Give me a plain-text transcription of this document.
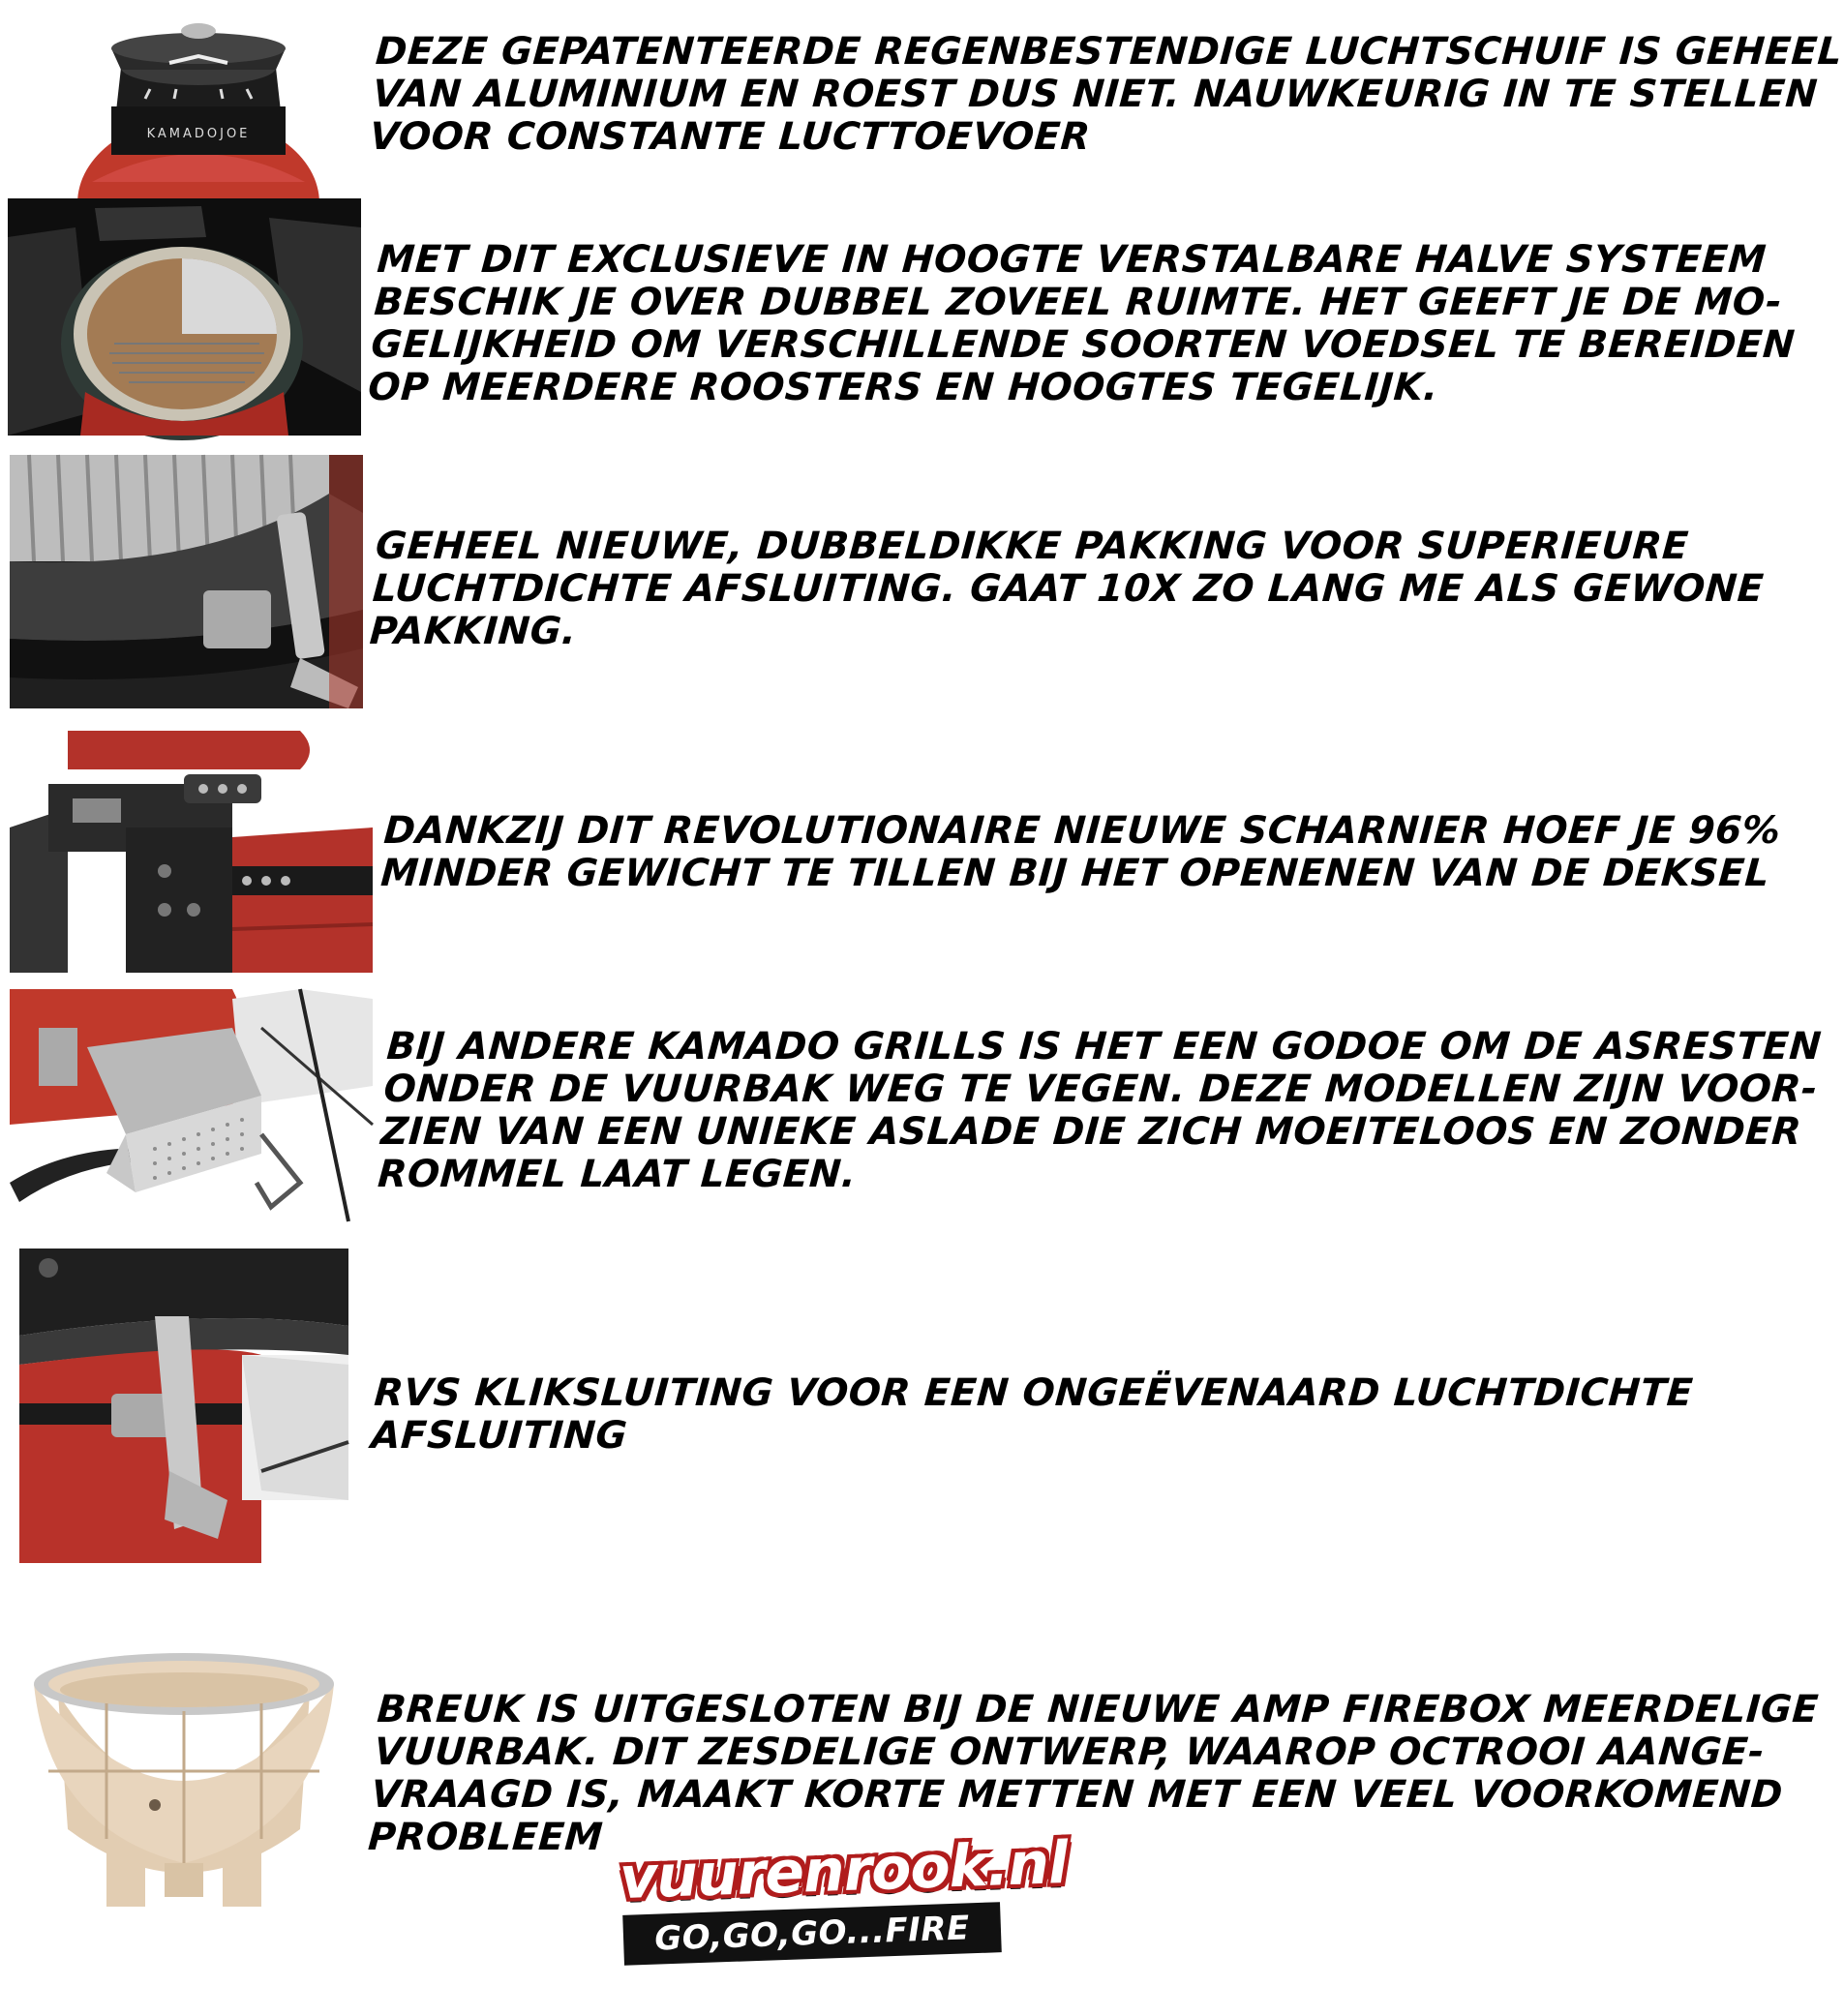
KAMADOJOE
DEZE GEPATENTEERDE REGENBESTENDIGE LUCHTSCHUIF IS GEHEEL
VAN ALUMINIUM EN ROEST DUS NIET. NAUWKEURIG IN TE STELLEN
VOOR CONSTANTE LUCTTOEVOER
MET DIT EXCLUSIEVE IN HOOGTE VERSTALBARE HALVE SYSTEEM
BESCHIK JE OVER DUBBEL ZOVEEL RUIMTE. HET GEEFT JE DE MO-
GELIJKHEID OM VERSCHILLENDE SOORTEN VOEDSEL TE BEREIDEN
OP MEERDERE ROOSTERS EN HOOGTES TEGELIJK.
GEHEEL NIEUWE, DUBBELDIKKE PAKKING VOOR SUPERIEURE
LUCHTDICHTE AFSLUITING. GAAT 10X ZO LANG ME ALS GEWONE
PAKKING.
DANKZIJ DIT REVOLUTIONAIRE NIEUWE SCHARNIER HOEF JE 96%
MINDER GEWICHT TE TILLEN BIJ HET OPENENEN VAN DE DEKSEL
BIJ ANDERE KAMADO GRILLS IS HET EEN GODOE OM DE ASRESTEN
ONDER DE VUURBAK WEG TE VEGEN. DEZE MODELLEN ZIJN VOOR-
ZIEN VAN EEN UNIEKE ASLADE DIE ZICH MOEITELOOS EN ZONDER
ROMMEL LAAT LEGEN.
RVS KLIKSLUITING VOOR EEN ONGEËVENAARD LUCHTDICHTE
AFSLUITING
BREUK IS UITGESLOTEN BIJ DE NIEUWE AMP FIREBOX MEERDELIGE
VUURBAK. DIT ZESDELIGE ONTWERP, WAAROP OCTROOI AANGE-
VRAAGD IS, MAAKT KORTE METTEN MET EEN VEEL VOORKOMEND
PROBLEEM vuurenrook.nl
GO,GO,GO...FIRE UP THE Q!
